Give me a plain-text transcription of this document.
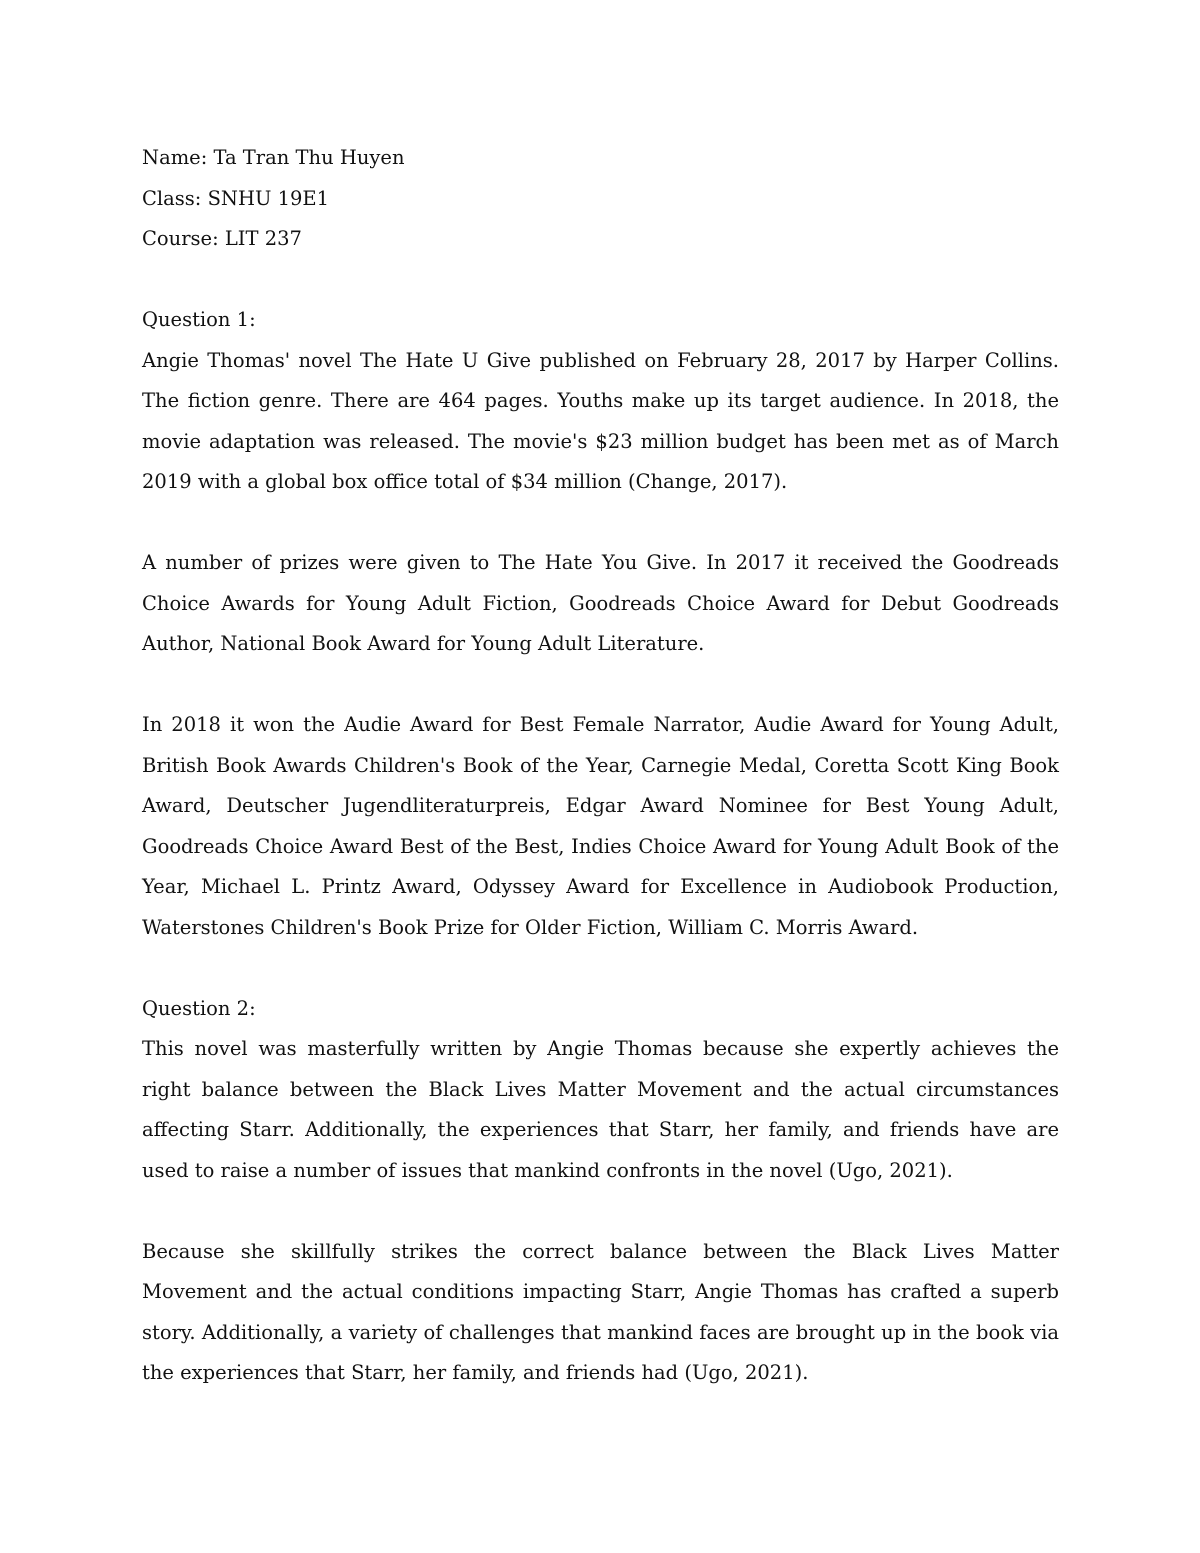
Name: Ta Tran Thu Huyen

Class: SNHU 19E1

Course: LIT 237

Question 1:

Angie Thomas' novel The Hate U Give published on February 28, 2017 by Harper Collins. The fiction genre. There are 464 pages. Youths make up its target audience. In 2018, the movie adaptation was released. The movie's $23 million budget has been met as of March 2019 with a global box office total of $34 million (Change, 2017).

A number of prizes were given to The Hate You Give. In 2017 it received the Goodreads Choice Awards for Young Adult Fiction, Goodreads Choice Award for Debut Goodreads Author, National Book Award for Young Adult Literature.

In 2018 it won the Audie Award for Best Female Narrator, Audie Award for Young Adult, British Book Awards Children's Book of the Year, Carnegie Medal, Coretta Scott King Book Award, Deutscher Jugendliteraturpreis, Edgar Award Nominee for Best Young Adult, Goodreads Choice Award Best of the Best, Indies Choice Award for Young Adult Book of the Year, Michael L. Printz Award, Odyssey Award for Excellence in Audiobook Production, Waterstones Children's Book Prize for Older Fiction, William C. Morris Award.

Question 2:

This novel was masterfully written by Angie Thomas because she expertly achieves the right balance between the Black Lives Matter Movement and the actual circumstances affecting Starr. Additionally, the experiences that Starr, her family, and friends have are used to raise a number of issues that mankind confronts in the novel (Ugo, 2021).

Because she skillfully strikes the correct balance between the Black Lives Matter Movement and the actual conditions impacting Starr, Angie Thomas has crafted a superb story. Additionally, a variety of challenges that mankind faces are brought up in the book via the experiences that Starr, her family, and friends had (Ugo, 2021).
